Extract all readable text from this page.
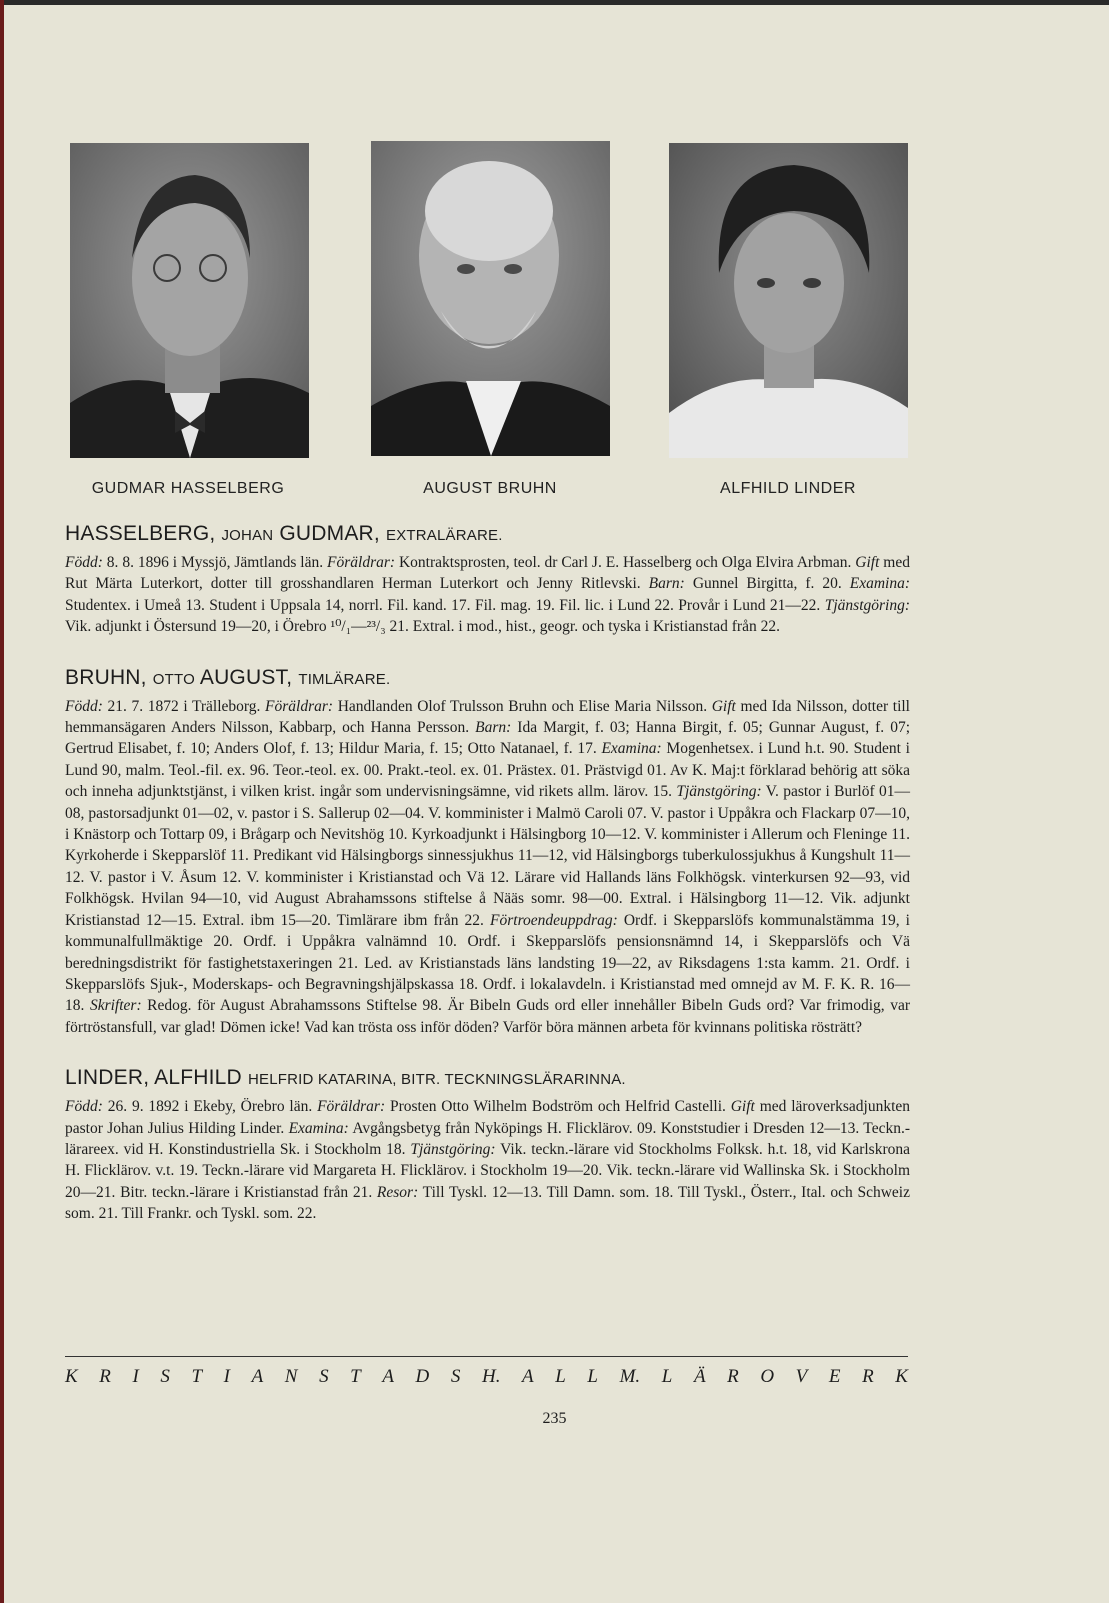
GUDMAR HASSELBERG	AUGUST BRUHN	ALFHILD LINDER
HASSELBERG, JOHAN GUDMAR, EXTRALÄRARE.

Född: 8. 8. 1896 i Myssjö, Jämtlands län. Föräldrar: Kontraktsprosten, teol. dr Carl J. E. Hasselberg och Olga Elvira Arbman. Gift med Rut Märta Luterkort, dotter till grosshandlaren Herman Luterkort och Jenny Ritlevski. Barn: Gunnel Birgitta, f. 20. Examina: Studentex. i Umeå 13. Student i Uppsala 14, norrl. Fil. kand. 17. Fil. mag. 19. Fil. lic. i Lund 22. Provår i Lund 21—22. Tjänstgöring: Vik. adjunkt i Östersund 19—20, i Örebro ¹⁰/₁—²³/₃ 21. Extral. i mod., hist., geogr. och tyska i Kristianstad från 22.

BRUHN, OTTO AUGUST, TIMLÄRARE.

Född: 21. 7. 1872 i Trälleborg. Föräldrar: Handlanden Olof Trulsson Bruhn och Elise Maria Nilsson. Gift med Ida Nilsson, dotter till hemmansägaren Anders Nilsson, Kabbarp, och Hanna Persson. Barn: Ida Margit, f. 03; Hanna Birgit, f. 05; Gunnar August, f. 07; Gertrud Elisabet, f. 10; Anders Olof, f. 13; Hildur Maria, f. 15; Otto Natanael, f. 17. Examina: Mogenhetsex. i Lund h.t. 90. Student i Lund 90, malm. Teol.-fil. ex. 96. Teor.-teol. ex. 00. Prakt.-teol. ex. 01. Prästex. 01. Prästvigd 01. Av K. Maj:t förklarad behörig att söka och inneha adjunktstjänst, i vilken krist. ingår som undervisningsämne, vid rikets allm. lärov. 15. Tjänstgöring: V. pastor i Burlöf 01—08, pastorsadjunkt 01—02, v. pastor i S. Sallerup 02—04. V. komminister i Malmö Caroli 07. V. pastor i Uppåkra och Flackarp 07—10, i Knästorp och Tottarp 09, i Brågarp och Nevitshög 10. Kyrkoadjunkt i Hälsingborg 10—12. V. komminister i Allerum och Fleninge 11. Kyrkoherde i Skepparslöf 11. Predikant vid Hälsingborgs sinnessjukhus 11—12, vid Hälsingborgs tuberkulossjukhus å Kungshult 11—12. V. pastor i V. Åsum 12. V. komminister i Kristianstad och Vä 12. Lärare vid Hallands läns Folkhögsk. vinterkursen 92—93, vid Folkhögsk. Hvilan 94—10, vid August Abrahamssons stiftelse å Nääs somr. 98—00. Extral. i Hälsingborg 11—12. Vik. adjunkt Kristianstad 12—15. Extral. ibm 15—20. Timlärare ibm från 22. Förtroendeuppdrag: Ordf. i Skepparslöfs kommunalstämma 19, i kommunalfullmäktige 20. Ordf. i Uppåkra valnämnd 10. Ordf. i Skepparslöfs pensionsnämnd 14, i Skepparslöfs och Vä beredningsdistrikt för fastighetstaxeringen 21. Led. av Kristianstads läns landsting 19—22, av Riksdagens 1:sta kamm. 21. Ordf. i Skepparslöfs Sjuk-, Moderskaps- och Begravningshjälpskassa 18. Ordf. i lokalavdeln. i Kristianstad med omnejd av M. F. K. R. 16—18. Skrifter: Redog. för August Abrahamssons Stiftelse 98. Är Bibeln Guds ord eller innehåller Bibeln Guds ord? Var frimodig, var förtröstansfull, var glad! Dömen icke! Vad kan trösta oss inför döden? Varför böra männen arbeta för kvinnans politiska rösträtt?

LINDER, ALFHILD HELFRID KATARINA, BITR. TECKNINGSLÄRARINNA.

Född: 26. 9. 1892 i Ekeby, Örebro län. Föräldrar: Prosten Otto Wilhelm Bodström och Helfrid Castelli. Gift med läroverksadjunkten pastor Johan Julius Hilding Linder. Examina: Avgångsbetyg från Nyköpings H. Flicklärov. 09. Konststudier i Dresden 12—13. Teckn.-lärareex. vid H. Konstindustriella Sk. i Stockholm 18. Tjänstgöring: Vik. teckn.-lärare vid Stockholms Folksk. h.t. 18, vid Karlskrona H. Flicklärov. v.t. 19. Teckn.-lärare vid Margareta H. Flicklärov. i Stockholm 19—20. Vik. teckn.-lärare vid Wallinska Sk. i Stockholm 20—21. Bitr. teckn.-lärare i Kristianstad från 21. Resor: Till Tyskl. 12—13. Till Damn. som. 18. Till Tyskl., Österr., Ital. och Schweiz som. 21. Till Frankr. och Tyskl. som. 22.

K R I S T I A N S T A D S H. A L L M. L Ä R O V E R K
235
